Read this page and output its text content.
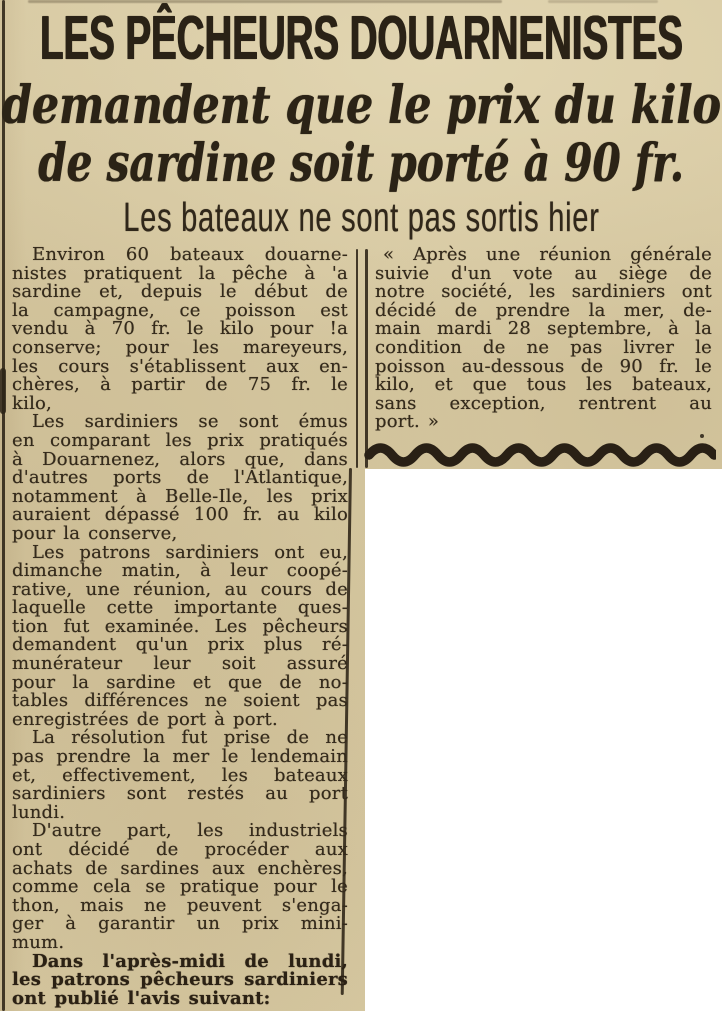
LES PÊCHEURS DOUARNENISTES
demandent que le prix du kilo
de sardine soit porté à 90 fr.
Les bateaux ne sont pas sortis hier
Environ 60 bateaux douarne-
nistes pratiquent la pêche à 'a
sardine et, depuis le début de
la campagne, ce poisson est
vendu à 70 fr. le kilo pour !a
conserve; pour les mareyeurs,
les cours s'établissent aux en-
chères, à partir de 75 fr. le
kilo,
Les sardiniers se sont émus
en comparant les prix pratiqués
à Douarnenez, alors que, dans
d'autres ports de l'Atlantique,
notamment à Belle-Ile, les prix
auraient dépassé 100 fr. au kilo
pour la conserve,
Les patrons sardiniers ont eu,
dimanche matin, à leur coopé-
rative, une réunion, au cours de
laquelle cette importante ques-
tion fut examinée. Les pêcheurs
demandent qu'un prix plus ré-
munérateur leur soit assuré
pour la sardine et que de no-
tables différences ne soient pas
enregistrées de port à port.
La résolution fut prise de ne
pas prendre la mer le lendemain
et, effectivement, les bateaux
sardiniers sont restés au port
lundi.
D'autre part, les industriels
ont décidé de procéder aux
achats de sardines aux enchères,
comme cela se pratique pour le
thon, mais ne peuvent s'enga-
ger à garantir un prix mini-
mum.
Dans l'après-midi de lundi,
les patrons pêcheurs sardiniers
ont publié l'avis suivant:
« Après une réunion générale
suivie d'un vote au siège de
notre société, les sardiniers ont
décidé de prendre la mer, de-
main mardi 28 septembre, à la
condition de ne pas livrer le
poisson au-dessous de 90 fr. le
kilo, et que tous les bateaux,
sans exception, rentrent au
port. »
